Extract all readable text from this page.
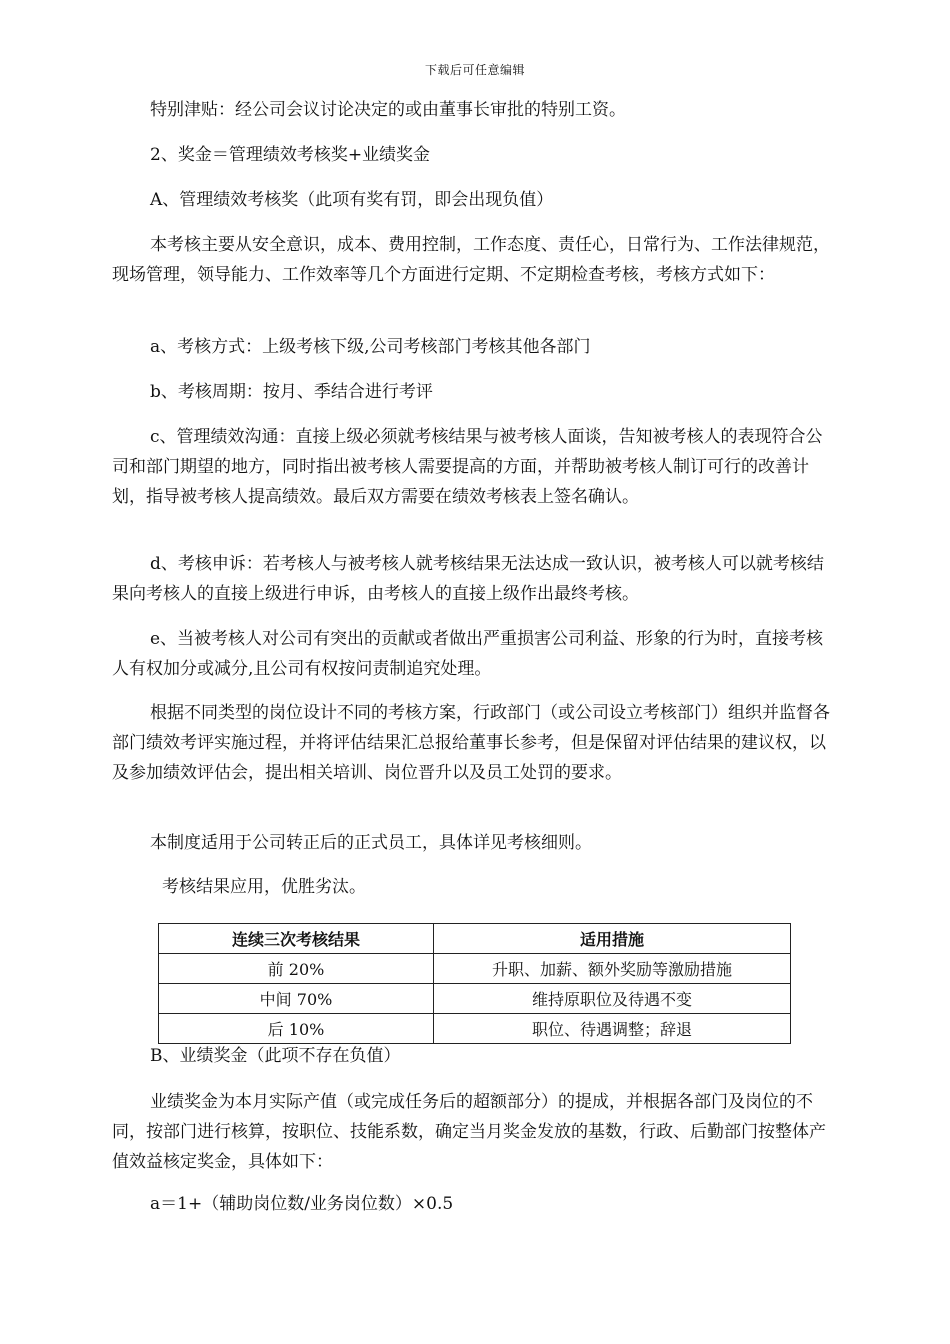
下载后可任意编辑

特别津贴：经公司会议讨论决定的或由董事长审批的特别工资。

2、奖金＝管理绩效考核奖+业绩奖金

A、管理绩效考核奖（此项有奖有罚，即会出现负值）

本考核主要从安全意识，成本、费用控制，工作态度、责任心，日常行为、工作法律规范，现场管理，领导能力、工作效率等几个方面进行定期、不定期检查考核，考核方式如下：

a、考核方式：上级考核下级,公司考核部门考核其他各部门

b、考核周期：按月、季结合进行考评

c、管理绩效沟通：直接上级必须就考核结果与被考核人面谈，告知被考核人的表现符合公司和部门期望的地方，同时指出被考核人需要提高的方面，并帮助被考核人制订可行的改善计划，指导被考核人提高绩效。最后双方需要在绩效考核表上签名确认。

d、考核申诉：若考核人与被考核人就考核结果无法达成一致认识，被考核人可以就考核结果向考核人的直接上级进行申诉，由考核人的直接上级作出最终考核。

e、当被考核人对公司有突出的贡献或者做出严重损害公司利益、形象的行为时，直接考核人有权加分或减分,且公司有权按问责制追究处理。

根据不同类型的岗位设计不同的考核方案，行政部门（或公司设立考核部门）组织并监督各部门绩效考评实施过程，并将评估结果汇总报给董事长参考，但是保留对评估结果的建议权，以及参加绩效评估会，提出相关培训、岗位晋升以及员工处罚的要求。

本制度适用于公司转正后的正式员工，具体详见考核细则。

考核结果应用，优胜劣汰。

连续三次考核结果	适用措施
前 20%	升职、加薪、额外奖励等激励措施
中间 70%	维持原职位及待遇不变
后 10%	职位、待遇调整；辞退

B、业绩奖金（此项不存在负值）

业绩奖金为本月实际产值（或完成任务后的超额部分）的提成，并根据各部门及岗位的不同，按部门进行核算，按职位、技能系数，确定当月奖金发放的基数，行政、后勤部门按整体产值效益核定奖金，具体如下：

a＝1+（辅助岗位数/业务岗位数）×0.5
